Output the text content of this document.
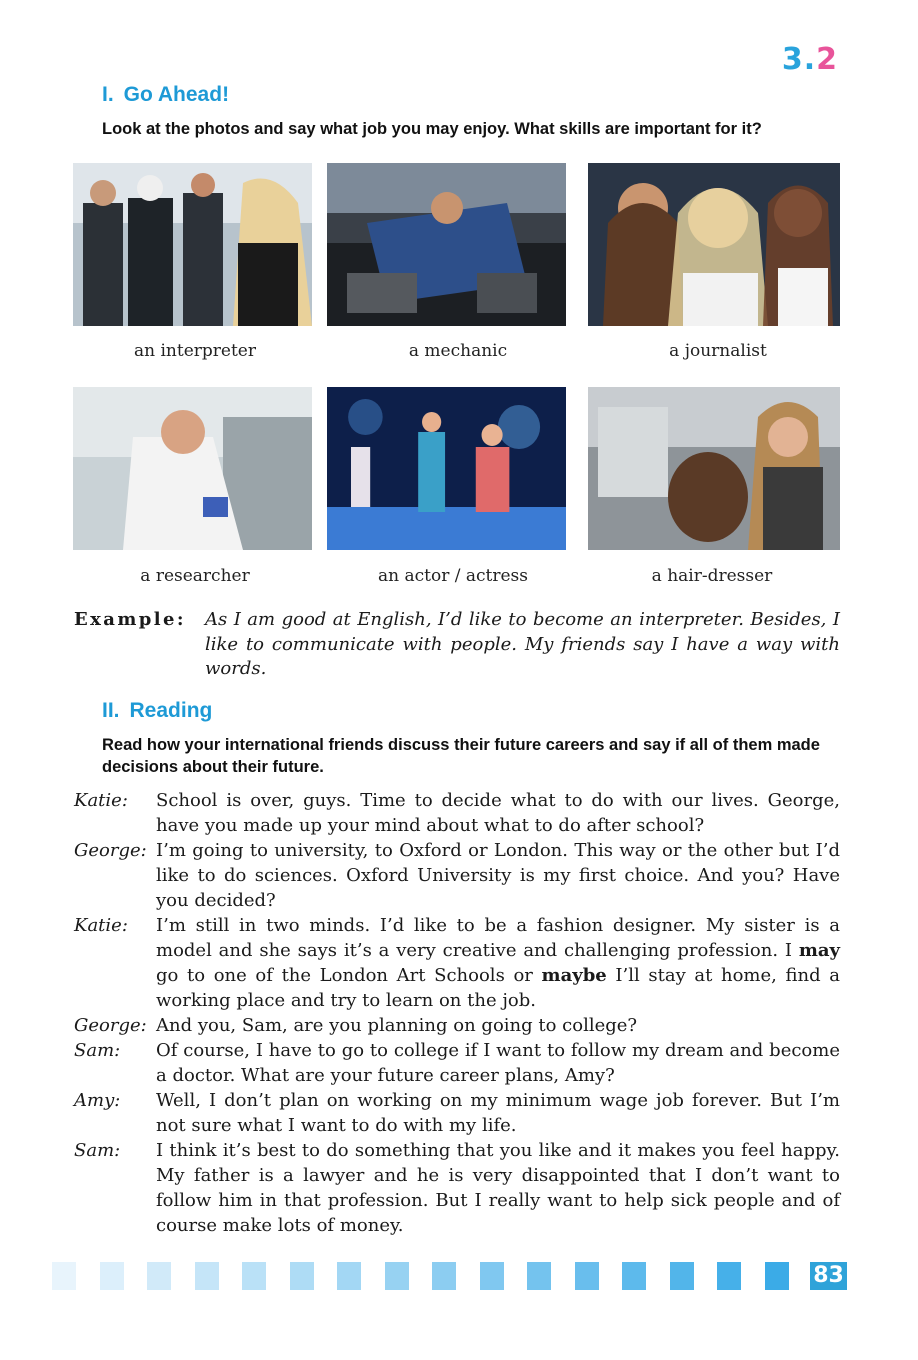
3.2
I. Go Ahead!
Look at the photos and say what job you may enjoy. What skills are important for it?
an interpreter	a mechanic	a journalist
a researcher	an actor / actress	a hair-dresser
Example: As I am good at English, I’d like to become an interpreter. Besides, I like to communicate with people. My friends say I have a way with words.
II. Reading
Read how your international friends discuss their future careers and say if all of them made decisions about their future.
Katie: School is over, guys. Time to decide what to do with our lives. George, have you made up your mind about what to do after school?
George: I’m going to university, to Oxford or London. This way or the other but I’d like to do sciences. Oxford University is my first choice. And you? Have you decided?
Katie: I’m still in two minds. I’d like to be a fashion designer. My sister is a model and she says it’s a very creative and challenging profession. I may go to one of the London Art Schools or maybe I’ll stay at home, find a working place and try to learn on the job.
George: And you, Sam, are you planning on going to college?
Sam: Of course, I have to go to college if I want to follow my dream and become a doctor. What are your future career plans, Amy?
Amy: Well, I don’t plan on working on my minimum wage job forever. But I’m not sure what I want to do with my life.
Sam: I think it’s best to do something that you like and it makes you feel happy. My father is a lawyer and he is very disappointed that I don’t want to follow him in that profession. But I really want to help sick people and of course make lots of money.
83
